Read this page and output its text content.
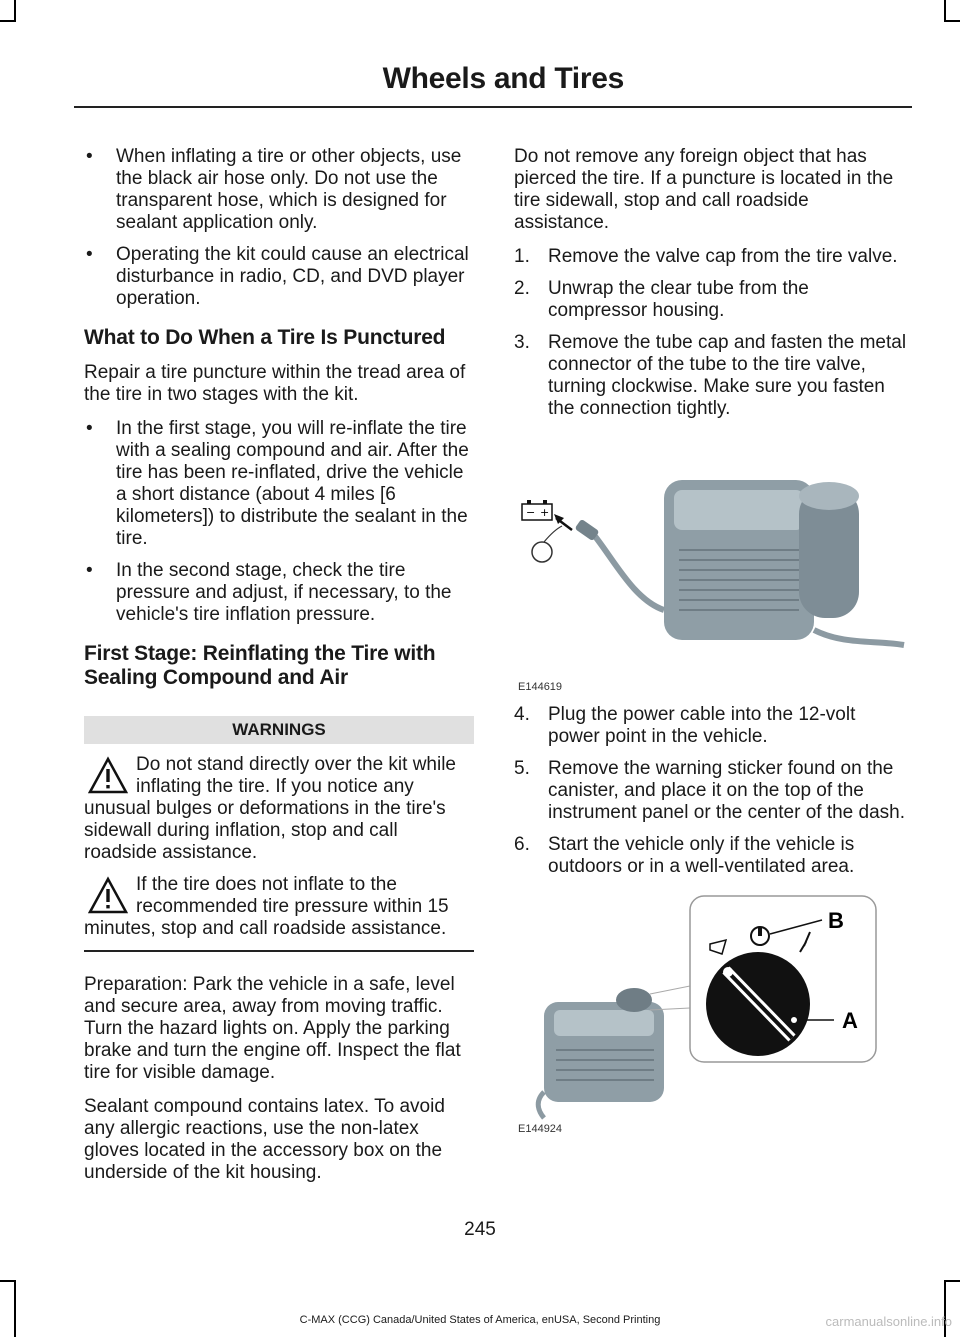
Wheels and Tires
• When inflating a tire or other objects, use the black air hose only. Do not use the transparent hose, which is designed for sealant application only.
• Operating the kit could cause an electrical disturbance in radio, CD, and DVD player operation.
What to Do When a Tire Is Punctured

Repair a tire puncture within the tread area of the tire in two stages with the kit.

• In the first stage, you will re-inflate the tire with a sealing compound and air. After the tire has been re-inflated, drive the vehicle a short distance (about 4 miles [6 kilometers]) to distribute the sealant in the tire.
• In the second stage, check the tire pressure and adjust, if necessary, to the vehicle's tire inflation pressure.
First Stage: Reinflating the Tire with Sealing Compound and Air
WARNINGS
Do not stand directly over the kit while inflating the tire. If you notice any unusual bulges or deformations in the tire's sidewall during inflation, stop and call roadside assistance.
If the tire does not inflate to the recommended tire pressure within 15 minutes, stop and call roadside assistance.

Preparation: Park the vehicle in a safe, level and secure area, away from moving traffic. Turn the hazard lights on. Apply the parking brake and turn the engine off. Inspect the flat tire for visible damage.

Sealant compound contains latex. To avoid any allergic reactions, use the non-latex gloves located in the accessory box on the underside of the kit housing.

Do not remove any foreign object that has pierced the tire. If a puncture is located in the tire sidewall, stop and call roadside assistance.

1. Remove the valve cap from the tire valve.
2. Unwrap the clear tube from the compressor housing.
3. Remove the tube cap and fasten the metal connector of the tube to the tire valve, turning clockwise. Make sure you fasten the connection tightly.
− +
E144619
4. Plug the power cable into the 12-volt power point in the vehicle.
5. Remove the warning sticker found on the canister, and place it on the top of the instrument panel or the center of the dash.
6. Start the vehicle only if the vehicle is outdoors or in a well-ventilated area.
B
A
E144924
245
C-MAX (CCG) Canada/United States of America, enUSA, Second Printing	carmanualsonline.info
